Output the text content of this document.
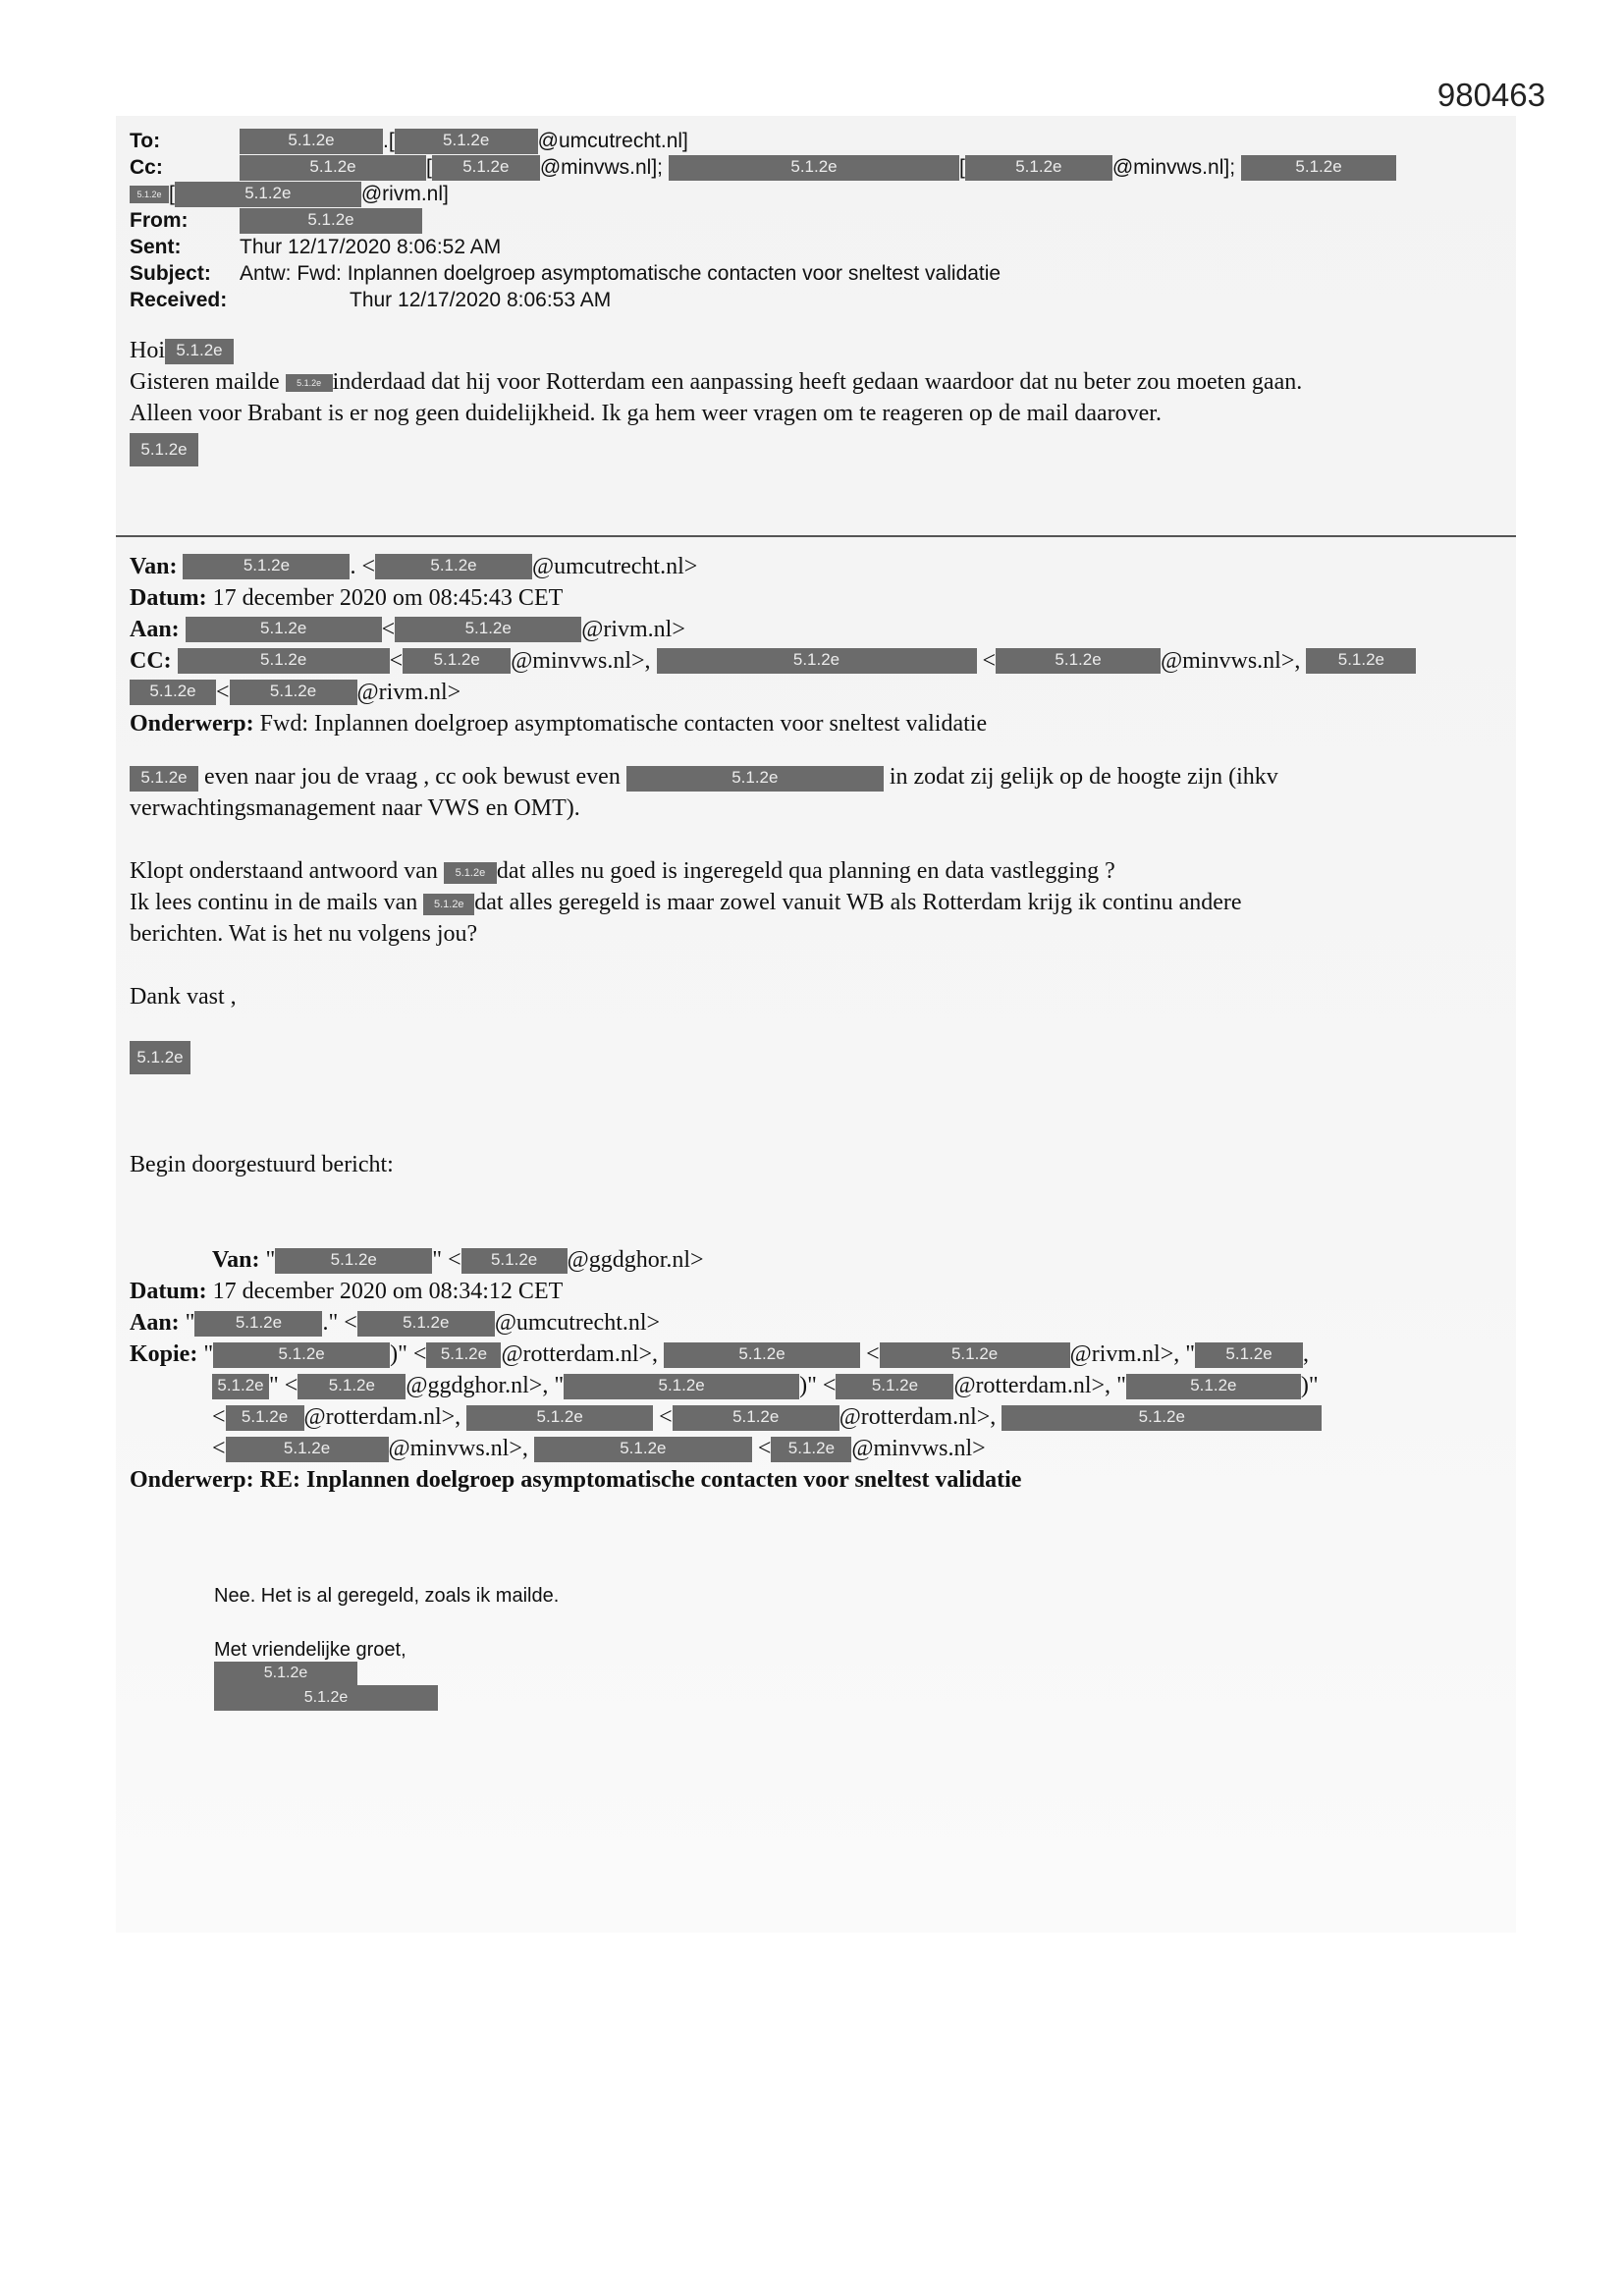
980463
To:	5.1.2e	.[	5.1.2e	@umcutrecht.nl]
Cc:	5.1.2e	[	5.1.2e	@minvws.nl];	5.1.2e	[	5.1.2e	@minvws.nl];	5.1.2e
5.1.2e [	5.1.2e	@rivm.nl]
From:	5.1.2e
Sent:	Thur 12/17/2020 8:06:52 AM
Subject:	Antw: Fwd: Inplannen doelgroep asymptomatische contacten voor sneltest validatie
Received:	Thur 12/17/2020 8:06:53 AM
Hoi 5.1.2e
Gisteren mailde 5.1.2e inderdaad dat hij voor Rotterdam een aanpassing heeft gedaan waardoor dat nu beter zou moeten gaan.
Alleen voor Brabant is er nog geen duidelijkheid. Ik ga hem weer vragen om te reageren op de mail daarover.
5.1.2e
Van:
	5.1.2e	. <	5.1.2e	@umcutrecht.nl>
Datum:
17 december 2020 om 08:45:43 CET
Aan:
	5.1.2e	<	5.1.2e	@rivm.nl>
CC:
	5.1.2e	<	5.1.2e	@minvws.nl>,
	5.1.2e	<	5.1.2e	@minvws.nl>,	5.1.2e
5.1.2e <	5.1.2e	@rivm.nl>
Onderwerp:
Fwd: Inplannen doelgroep asymptomatische contacten voor sneltest validatie
5.1.2e even naar jou de vraag , cc ook bewust even	5.1.2e	in zodat zij gelijk op de hoogte zijn (ihkv
verwachtingsmanagement naar VWS en OMT).
Klopt onderstaand antwoord van 5.1.2e dat alles nu goed is ingeregeld qua planning en data vastlegging ?
Ik lees continu in de mails van 5.1.2e dat alles geregeld is maar zowel vanuit WB als Rotterdam krijg ik continu andere
berichten. Wat is het nu volgens jou?
Dank vast ,
5.1.2e
Begin doorgestuurd bericht:
Van: "	5.1.2e	" <	5.1.2e	@ggdghor.nl>
Datum:
17 december 2020 om 08:34:12 CET
Aan: "	5.1.2e	." <	5.1.2e	@umcutrecht.nl>
Kopie: "	5.1.2e	)" < 5.1.2e @rotterdam.nl>,
	5.1.2e	<	5.1.2e	@rivm.nl>, "	5.1.2e	,
5.1.2e " <	5.1.2e	@ggdghor.nl>, "	5.1.2e	)" <	5.1.2e	@rotterdam.nl>, "	5.1.2e	)"
< 5.1.2e @rotterdam.nl>,
	5.1.2e	<	5.1.2e	@rotterdam.nl>,
	5.1.2e
<	5.1.2e	@minvws.nl>,
	5.1.2e	<	5.1.2e @minvws.nl>
Onderwerp:
RE: Inplannen doelgroep asymptomatische contacten voor sneltest validatie
Nee. Het is al geregeld, zoals ik mailde.
Met vriendelijke groet,
5.1.2e
5.1.2e
